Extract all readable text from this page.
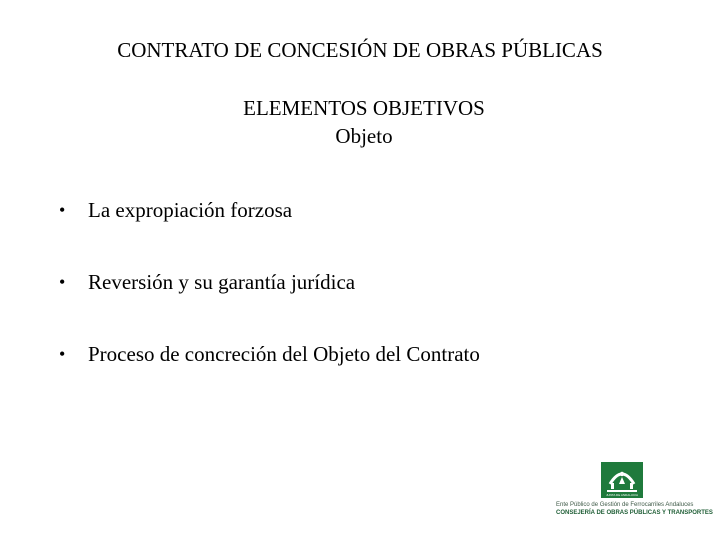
CONTRATO DE CONCESIÓN DE OBRAS PÚBLICAS
ELEMENTOS OBJETIVOS
Objeto
• La expropiación forzosa
• Reversión y su garantía jurídica
• Proceso de concreción del Objeto del Contrato
JUNTA DE ANDALUCIA
Ente Público de Gestión de Ferrocarriles Andaluces
CONSEJERÍA DE OBRAS PÚBLICAS Y TRANSPORTES
